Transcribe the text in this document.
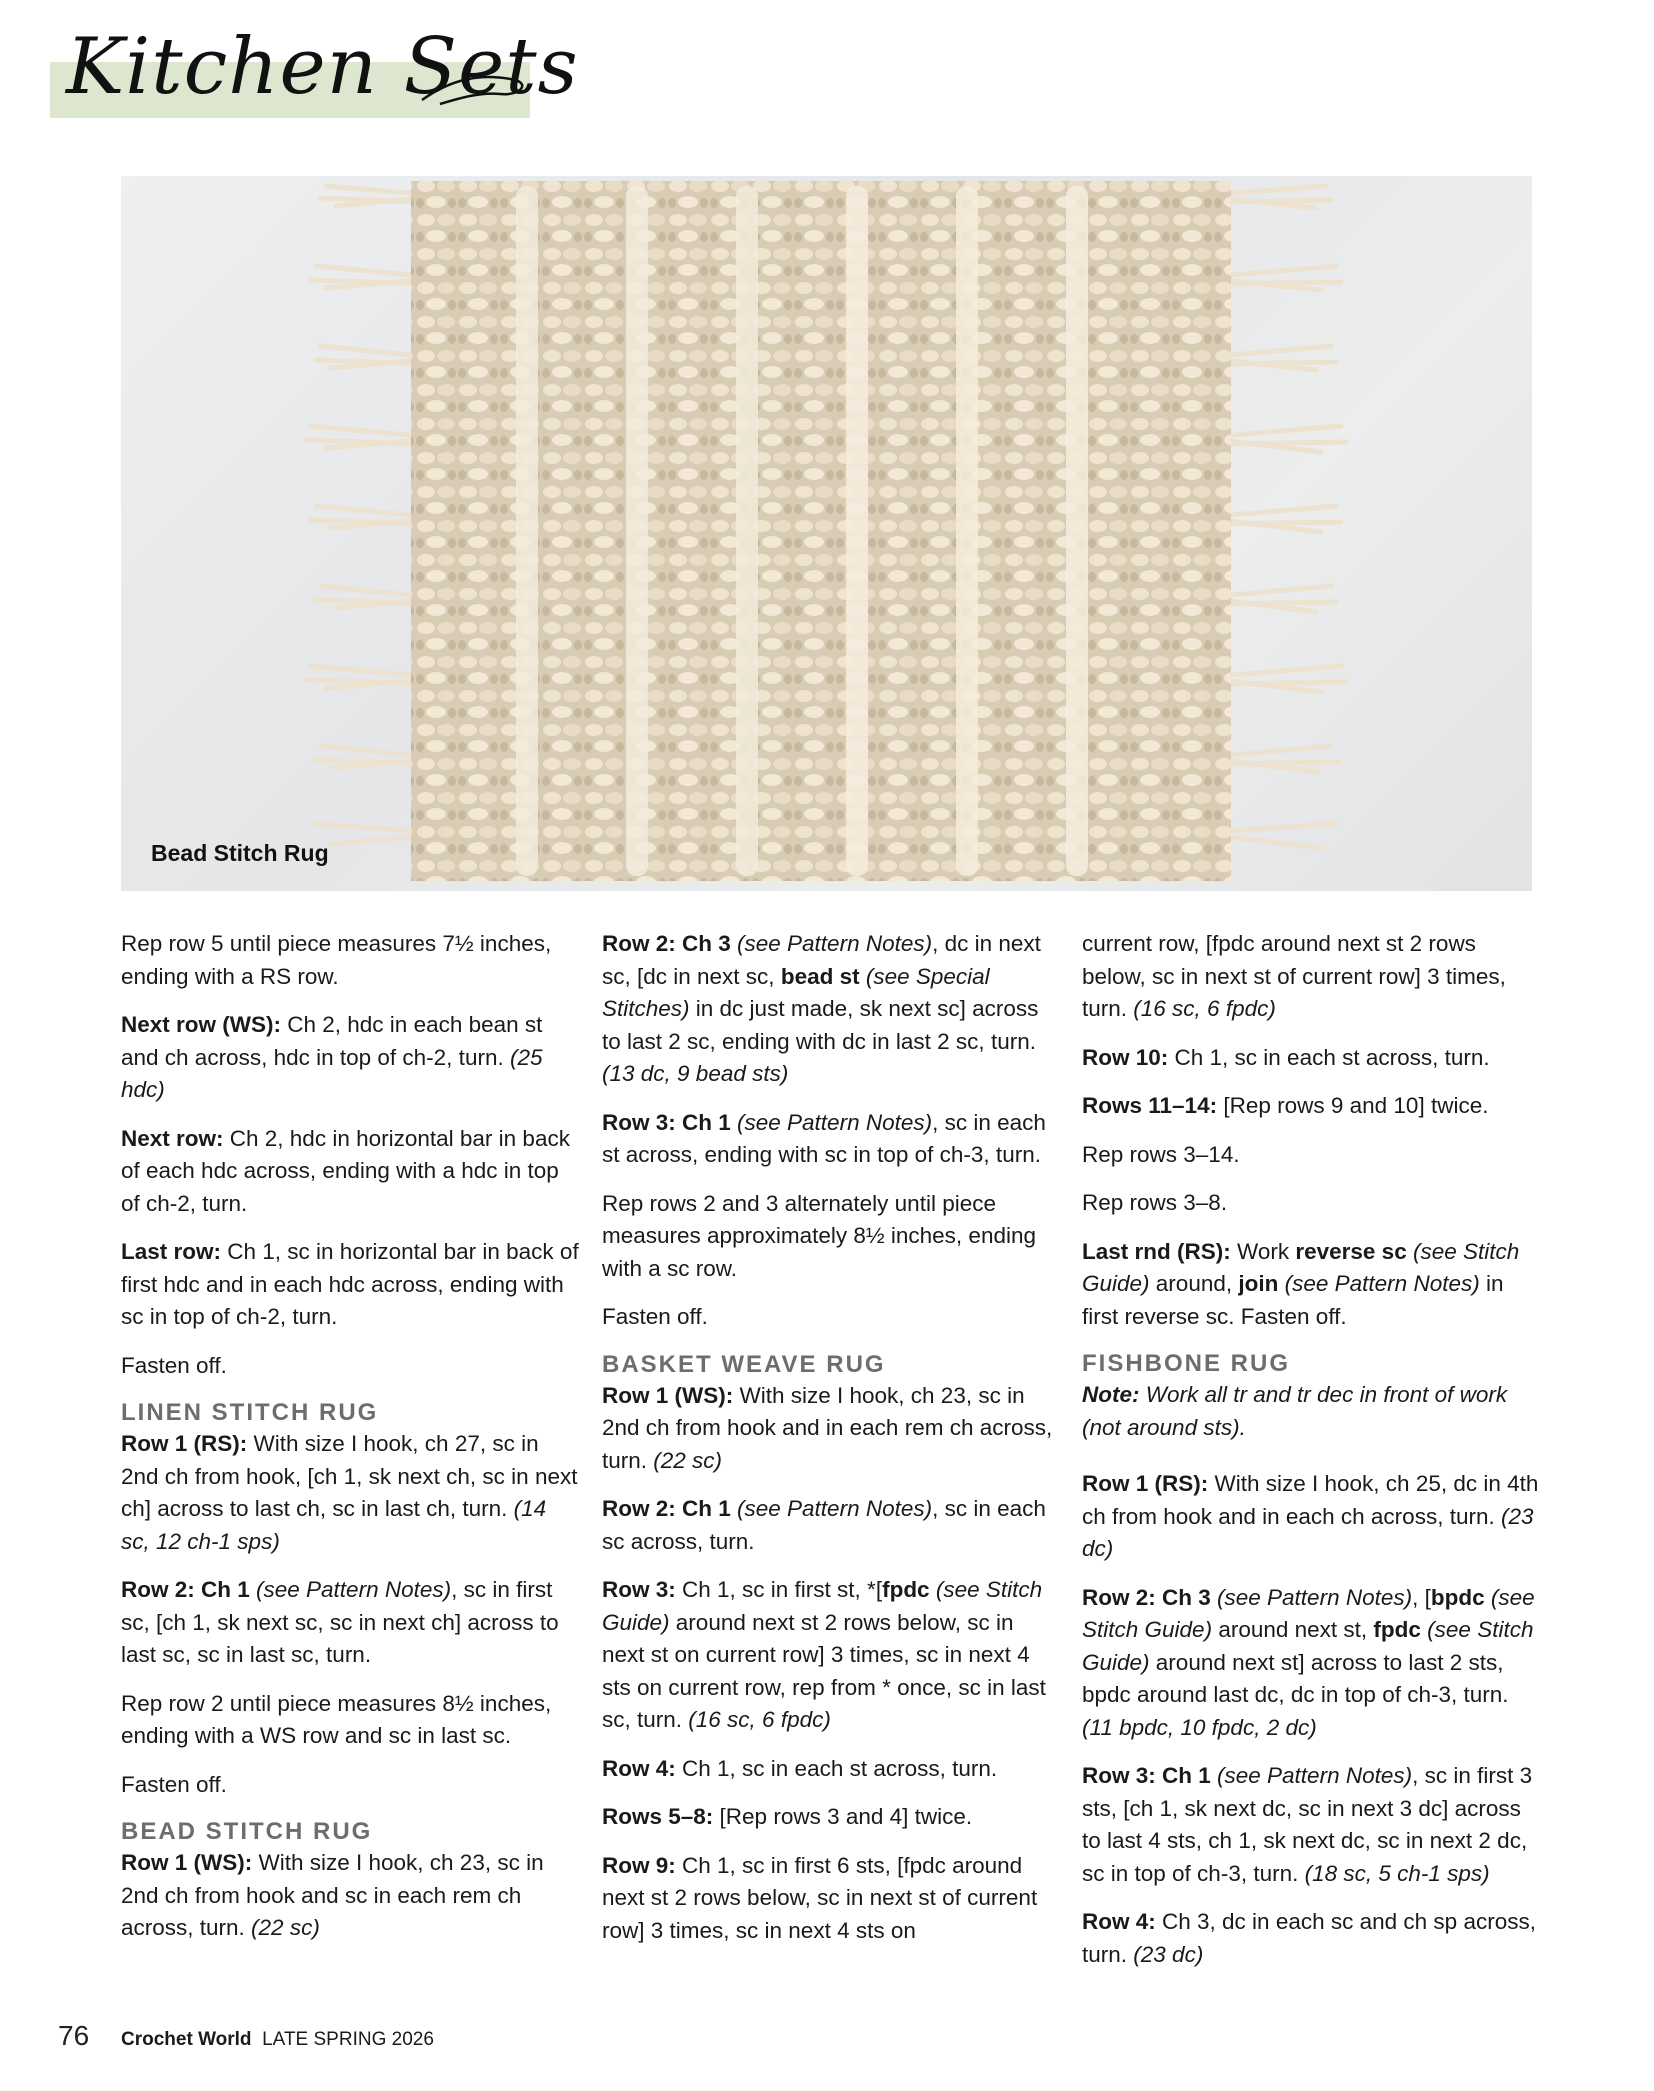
Kitchen Sets
Bead Stitch Rug

Rep row 5 until piece measures 7½ inches, ending with a RS row.

Next row (WS): Ch 2, hdc in each bean st and ch across, hdc in top of ch-2, turn. (25 hdc)

Next row: Ch 2, hdc in horizontal bar in back of each hdc across, ending with a hdc in top of ch-2, turn.

Last row: Ch 1, sc in horizontal bar in back of first hdc and in each hdc across, ending with sc in top of ch-2, turn.

Fasten off.

LINEN STITCH RUG

Row 1 (RS): With size I hook, ch 27, sc in 2nd ch from hook, [ch 1, sk next ch, sc in next ch] across to last ch, sc in last ch, turn. (14 sc, 12 ch-1 sps)

Row 2: Ch 1 (see Pattern Notes), sc in first sc, [ch 1, sk next sc, sc in next ch] across to last sc, sc in last sc, turn.

Rep row 2 until piece measures 8½ inches, ending with a WS row and sc in last sc.

Fasten off.

BEAD STITCH RUG

Row 1 (WS): With size I hook, ch 23, sc in 2nd ch from hook and sc in each rem ch across, turn. (22 sc)

Row 2: Ch 3 (see Pattern Notes), dc in next sc, [dc in next sc, bead st (see Special Stitches) in dc just made, sk next sc] across to last 2 sc, ending with dc in last 2 sc, turn. (13 dc, 9 bead sts)

Row 3: Ch 1 (see Pattern Notes), sc in each st across, ending with sc in top of ch-3, turn.

Rep rows 2 and 3 alternately until piece measures approximately 8½ inches, ending with a sc row.

Fasten off.

BASKET WEAVE RUG

Row 1 (WS): With size I hook, ch 23, sc in 2nd ch from hook and in each rem ch across, turn. (22 sc)

Row 2: Ch 1 (see Pattern Notes), sc in each sc across, turn.

Row 3: Ch 1, sc in first st, *[fpdc (see Stitch Guide) around next st 2 rows below, sc in next st on current row] 3 times, sc in next 4 sts on current row, rep from * once, sc in last sc, turn. (16 sc, 6 fpdc)

Row 4: Ch 1, sc in each st across, turn.

Rows 5–8: [Rep rows 3 and 4] twice.

Row 9: Ch 1, sc in first 6 sts, [fpdc around next st 2 rows below, sc in next st of current row] 3 times, sc in next 4 sts on

current row, [fpdc around next st 2 rows below, sc in next st of current row] 3 times, turn. (16 sc, 6 fpdc)

Row 10: Ch 1, sc in each st across, turn.

Rows 11–14: [Rep rows 9 and 10] twice.

Rep rows 3–14.

Rep rows 3–8.

Last rnd (RS): Work reverse sc (see Stitch Guide) around, join (see Pattern Notes) in first reverse sc. Fasten off.

FISHBONE RUG

Note: Work all tr and tr dec in front of work (not around sts).

Row 1 (RS): With size I hook, ch 25, dc in 4th ch from hook and in each ch across, turn. (23 dc)

Row 2: Ch 3 (see Pattern Notes), [bpdc (see Stitch Guide) around next st, fpdc (see Stitch Guide) around next st] across to last 2 sts, bpdc around last dc, dc in top of ch-3, turn. (11 bpdc, 10 fpdc, 2 dc)

Row 3: Ch 1 (see Pattern Notes), sc in first 3 sts, [ch 1, sk next dc, sc in next 3 dc] across to last 4 sts, ch 1, sk next dc, sc in next 2 dc, sc in top of ch-3, turn. (18 sc, 5 ch-1 sps)

Row 4: Ch 3, dc in each sc and ch sp across, turn. (23 dc)

76 Crochet World LATE SPRING 2026
